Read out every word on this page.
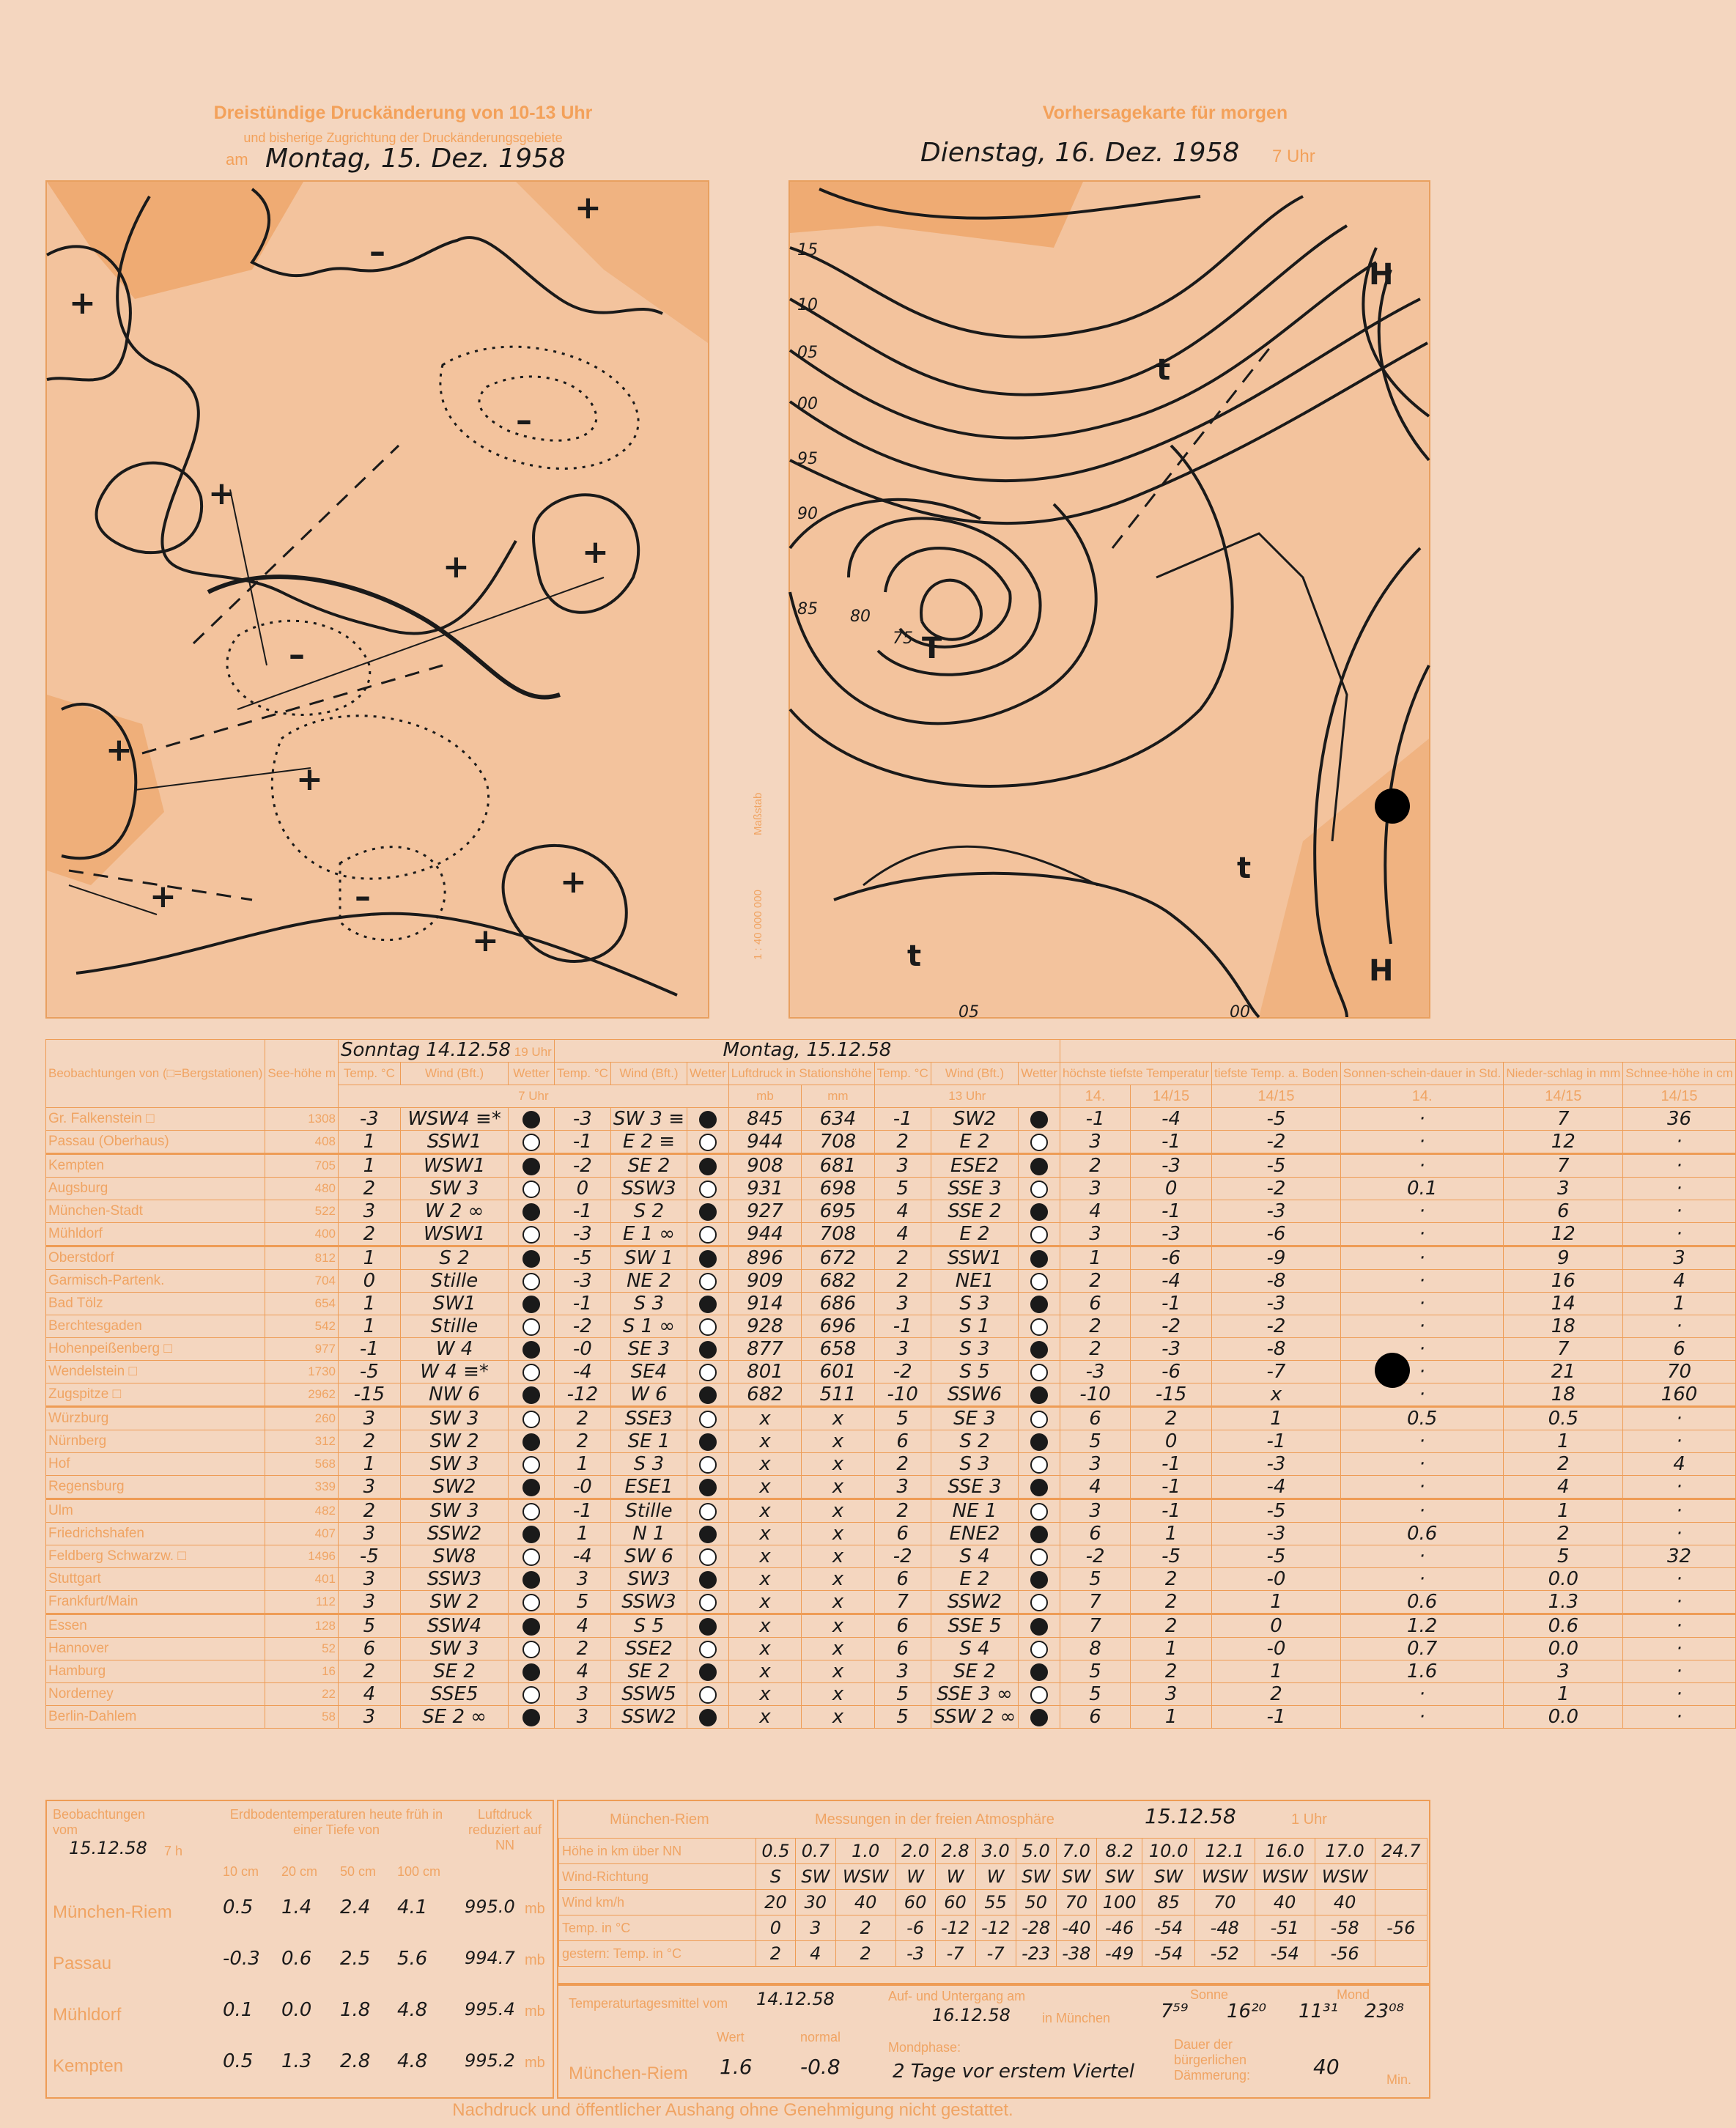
Dreistündige Druckänderung von 10-13 Uhr
und bisherige Zugrichtung der Druckänderungsgebiete
am Montag, 15. Dez. 1958
Vorhersagekarte für morgen
Dienstag, 16. Dez. 1958 7 Uhr
+
+
+
+
+
+	+
+
+
+
–
–
–
–
Maßstab
1 : 40 000 000
15
10
05
00
95
90
85 80
75
05	00
T
t
t
t
H
H
Beobachtungen von (□=Bergstationen)	See-höhe m	Sonntag 14.12.58 19 Uhr			Montag, 15.12.58													
		Temp. °C	Wind (Bft.)	Wetter	Temp. °C	Wind (Bft.)	Wetter	Luftdruck in Stationshöhe		Temp. °C	Wind (Bft.)	Wetter	höchste tiefste Temperatur		tiefste Temp. a. Boden	Sonnen-schein-dauer in Std.	Nieder-schlag in mm	Schnee-höhe in cm
		7 Uhr						mb	mm	13 Uhr			14.	14/15	14/15	14.	14/15	14/15
Gr. Falkenstein □	1308	-3	WSW4 ≡*		-3	SW 3 ≡		845	634	-1	SW2		-1	-4	-5	·	7	36
Passau (Oberhaus)	408	1	SSW1		-1	E 2 ≡		944	708	2	E 2		3	-1	-2	·	12	·
Kempten	705	1	WSW1		-2	SE 2		908	681	3	ESE2		2	-3	-5	·	7	·
Augsburg	480	2	SW 3		0	SSW3		931	698	5	SSE 3		3	0	-2	0.1	3	·
München-Stadt	522	3	W 2 ∞		-1	S 2		927	695	4	SSE 2		4	-1	-3	·	6	·
Mühldorf	400	2	WSW1		-3	E 1 ∞		944	708	4	E 2		3	-3	-6	·	12	·
Oberstdorf	812	1	S 2		-5	SW 1		896	672	2	SSW1		1	-6	-9	·	9	3
Garmisch-Partenk.	704	0	Stille		-3	NE 2		909	682	2	NE1		2	-4	-8	·	16	4
Bad Tölz	654	1	SW1		-1	S 3		914	686	3	S 3		6	-1	-3	·	14	1
Berchtesgaden	542	1	Stille		-2	S 1 ∞		928	696	-1	S 1		2	-2	-2	·	18	·
Hohenpeißenberg □	977	-1	W 4		-0	SE 3		877	658	3	S 3		2	-3	-8	·	7	6
Wendelstein □	1730	-5	W 4 ≡*		-4	SE4		801	601	-2	S 5		-3	-6	-7	·	21	70
Zugspitze □	2962	-15	NW 6		-12	W 6		682	511	-10	SSW6		-10	-15	x	·	18	160
Würzburg	260	3	SW 3		2	SSE3		x	x	5	SE 3		6	2	1	0.5	0.5	·
Nürnberg	312	2	SW 2		2	SE 1		x	x	6	S 2		5	0	-1	·	1	·
Hof	568	1	SW 3		1	S 3		x	x	2	S 3		3	-1	-3	·	2	4
Regensburg	339	3	SW2		-0	ESE1		x	x	3	SSE 3		4	-1	-4	·	4	·
Ulm	482	2	SW 3		-1	Stille		x	x	2	NE 1		3	-1	-5	·	1	·
Friedrichshafen	407	3	SSW2		1	N 1		x	x	6	ENE2		6	1	-3	0.6	2	·
Feldberg Schwarzw. □	1496	-5	SW8		-4	SW 6		x	x	-2	S 4		-2	-5	-5	·	5	32
Stuttgart	401	3	SSW3		3	SW3		x	x	6	E 2		5	2	-0	·	0.0	·
Frankfurt/Main	112	3	SW 2		5	SSW3		x	x	7	SSW2		7	2	1	0.6	1.3	·
Essen	128	5	SSW4		4	S 5		x	x	6	SSE 5		7	2	0	1.2	0.6	·
Hannover	52	6	SW 3		2	SSE2		x	x	6	S 4		8	1	-0	0.7	0.0	·
Hamburg	16	2	SE 2		4	SE 2		x	x	3	SE 2		5	2	1	1.6	3	·
Norderney	22	4	SSE5		3	SSW5		x	x	5	SSE 3 ∞		5	3	2	·	1	·
Berlin-Dahlem	58	3	SE 2 ∞		3	SSW2		x	x	5	SSW 2 ∞		6	1	-1	·	0.0	·
Beobachtungen vom
15.12.58 7 h
Erdbodentemperaturen heute früh in einer Tiefe von
Luftdruck reduziert auf NN
10 cm 20 cm 50 cm 100 cm
München-Riem	0.5 1.4 2.4 4.1 995.0 mb
Passau	-0.3 0.6 2.5 5.6 994.7 mb
Mühldorf	0.1 0.0 1.8 4.8 995.4 mb
Kempten	0.5 1.3 2.8 4.8 995.2 mb
München-Riem	Messungen in der freien Atmosphäre	15.12.58	1 Uhr
Höhe in km über NN	0.5	0.7	1.0	2.0	2.8	3.0	5.0	7.0	8.2	10.0	12.1	16.0	17.0	24.7
Wind-Richtung	S	SW	WSW	W	W	W	SW	SW	SW	SW	WSW	WSW	WSW	
Wind km/h	20	30	40	60	60	55	50	70	100	85	70	40	40	
Temp. in °C	0	3	2	-6	-12	-12	-28	-40	-46	-54	-48	-51	-58	-56
gestern: Temp. in °C	2	4	2	-3	-7	-7	-23	-38	-49	-54	-52	-54	-56	
Temperaturtagesmittel vom 14.12.58
Wert	normal
München-Riem 1.6 -0.8
Auf- und Untergang am
16.12.58 in München
Sonne	Mond
7⁵⁹ 16²⁰ 11³¹ 23⁰⁸
Mondphase:
2 Tage vor erstem Viertel
Dauer der bürgerlichen Dämmerung:	40
Min.
Nachdruck und öffentlicher Aushang ohne Genehmigung nicht gestattet.
